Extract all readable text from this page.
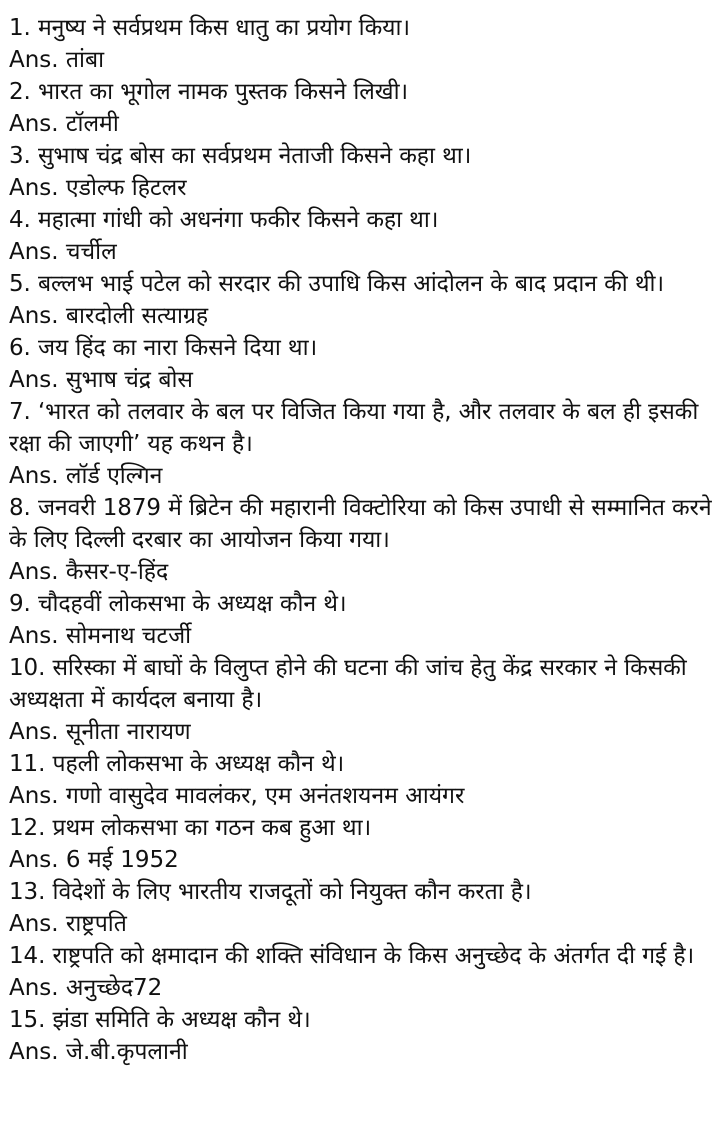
1. मनुष्य ने सर्वप्रथम किस धातु का प्रयोग किया।
Ans. तांबा
2. भारत का भूगोल नामक पुस्तक किसने लिखी।
Ans. टॉलमी
3. सुभाष चंद्र बोस का सर्वप्रथम नेताजी किसने कहा था।
Ans. एडोल्फ हिटलर
4. महात्मा गांधी को अधनंगा फकीर किसने कहा था।
Ans. चर्चील
5. बल्लभ भाई पटेल को सरदार की उपाधि किस आंदोलन के बाद प्रदान की थी।
Ans. बारदोली सत्याग्रह
6. जय हिंद का नारा किसने दिया था।
Ans. सुभाष चंद्र बोस
7. ‘भारत को तलवार के बल पर विजित किया गया है, और तलवार के बल ही इसकी रक्षा की जाएगी’ यह कथन है।
Ans. लॉर्ड एल्गिन
8. जनवरी 1879 में ब्रिटेन की महारानी विक्टोरिया को किस उपाधी से सम्मानित करने के लिए दिल्ली दरबार का आयोजन किया गया।
Ans. कैसर-ए-हिंद
9. चौदहवीं लोकसभा के अध्यक्ष कौन थे।
Ans. सोमनाथ चटर्जी
10. सरिस्का में बाघों के विलुप्त होने की घटना की जांच हेतु केंद्र सरकार ने किसकी अध्यक्षता में कार्यदल बनाया है।
Ans. सूनीता नारायण
11. पहली लोकसभा के अध्यक्ष कौन थे।
Ans. गणो वासुदेव मावलंकर, एम अनंतशयनम आयंगर
12. प्रथम लोकसभा का गठन कब हुआ था।
Ans. 6 मई 1952
13. विदेशों के लिए भारतीय राजदूतों को नियुक्त कौन करता है।
Ans. राष्ट्रपति
14. राष्ट्रपति को क्षमादान की शक्ति संविधान के किस अनुच्छेद के अंतर्गत दी गई है।
Ans. अनुच्छेद72
15. झंडा समिति के अध्यक्ष कौन थे।
Ans. जे.बी.कृपलानी
